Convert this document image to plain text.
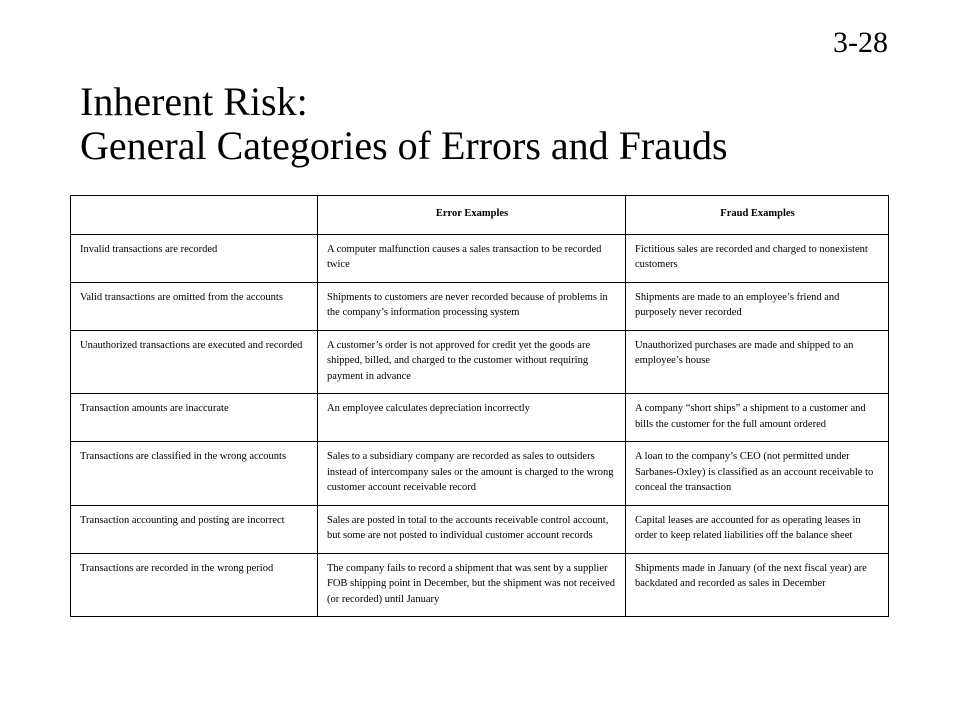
3-28
Inherent Risk:
General Categories of Errors and Frauds
	Error Examples	Fraud Examples
Invalid transactions are recorded	A computer malfunction causes a sales transaction to be recorded twice	Fictitious sales are recorded and charged to nonexistent customers
Valid transactions are omitted from the accounts	Shipments to customers are never recorded because of problems in the company’s information processing system	Shipments are made to an employee’s friend and purposely never recorded
Unauthorized transactions are executed and recorded	A customer’s order is not approved for credit yet the goods are shipped, billed, and charged to the customer without requiring payment in advance	Unauthorized purchases are made and shipped to an employee’s house
Transaction amounts are inaccurate	An employee calculates depreciation incorrectly	A company “short ships” a shipment to a customer and bills the customer for the full amount ordered
Transactions are classified in the wrong accounts	Sales to a subsidiary company are recorded as sales to outsiders instead of intercompany sales or the amount is charged to the wrong customer account receivable record	A loan to the company’s CEO (not permitted under Sarbanes-Oxley) is classified as an account receivable to conceal the transaction
Transaction accounting and posting are incorrect	Sales are posted in total to the accounts receivable control account, but some are not posted to individual customer account records	Capital leases are accounted for as operating leases in order to keep related liabilities off the balance sheet
Transactions are recorded in the wrong period	The company fails to record a shipment that was sent by a supplier FOB shipping point in December, but the shipment was not received (or recorded) until January	Shipments made in January (of the next fiscal year) are backdated and recorded as sales in December
